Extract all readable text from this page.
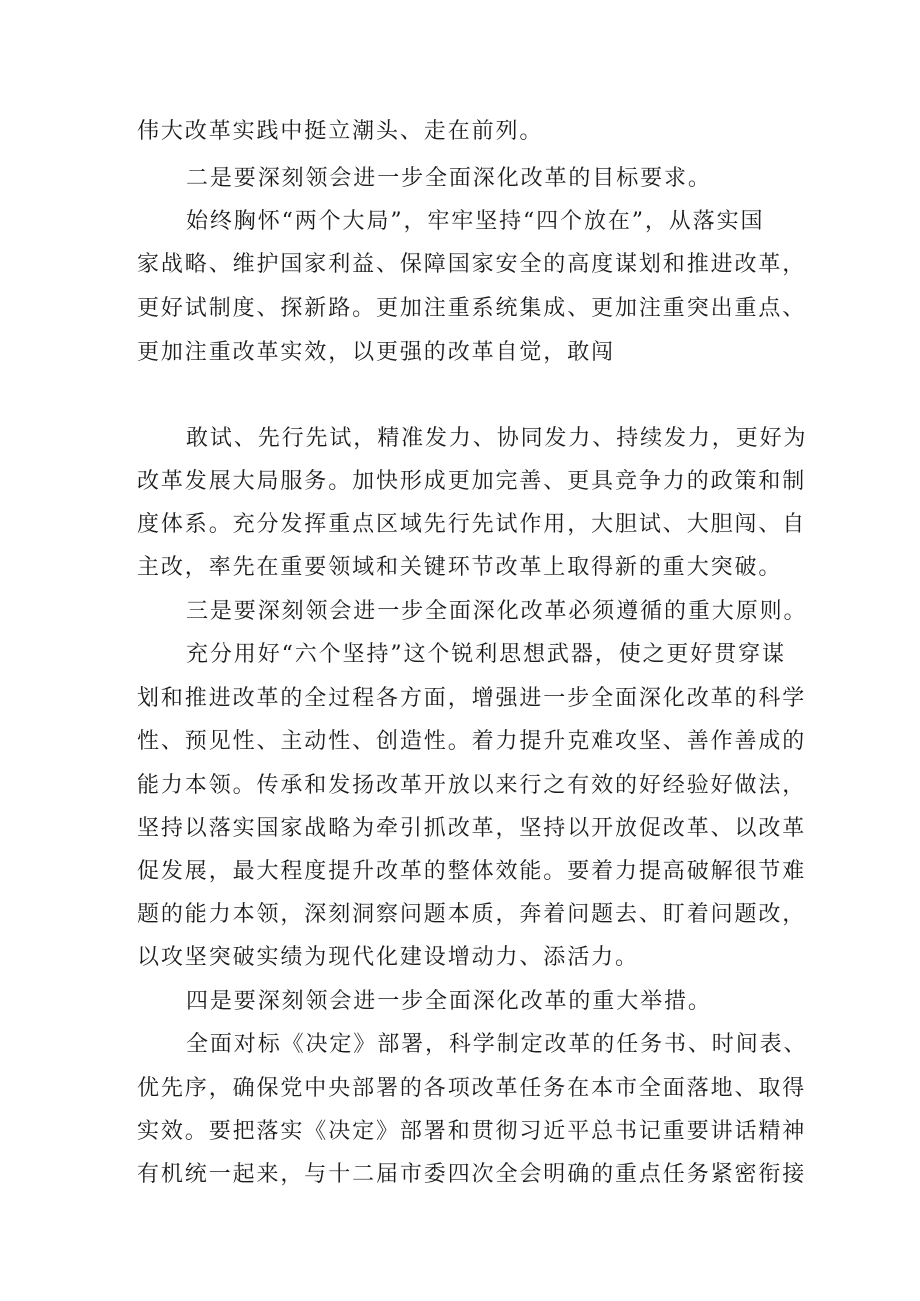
伟大改革实践中挺立潮头、走在前列。
二是要深刻领会进一步全面深化改革的目标要求。
始终胸怀“两个大局”，牢牢坚持“四个放在”，从落实国
家战略、维护国家利益、保障国家安全的高度谋划和推进改革，
更好试制度、探新路。更加注重系统集成、更加注重突出重点、
更加注重改革实效，以更强的改革自觉，敢闯
敢试、先行先试，精准发力、协同发力、持续发力，更好为
改革发展大局服务。加快形成更加完善、更具竞争力的政策和制
度体系。充分发挥重点区域先行先试作用，大胆试、大胆闯、自
主改，率先在重要领域和关键环节改革上取得新的重大突破。
三是要深刻领会进一步全面深化改革必须遵循的重大原则。
充分用好“六个坚持”这个锐利思想武器，使之更好贯穿谋
划和推进改革的全过程各方面，增强进一步全面深化改革的科学
性、预见性、主动性、创造性。着力提升克难攻坚、善作善成的
能力本领。传承和发扬改革开放以来行之有效的好经验好做法，
坚持以落实国家战略为牵引抓改革，坚持以开放促改革、以改革
促发展，最大程度提升改革的整体效能。要着力提高破解很节难
题的能力本领，深刻洞察问题本质，奔着问题去、盯着问题改，
以攻坚突破实绩为现代化建设增动力、添活力。
四是要深刻领会进一步全面深化改革的重大举措。
全面对标《决定》部署，科学制定改革的任务书、时间表、
优先序，确保党中央部署的各项改革任务在本市全面落地、取得
实效。要把落实《决定》部署和贯彻习近平总书记重要讲话精神
有机统一起来，与十二届市委四次全会明确的重点任务紧密衔接
